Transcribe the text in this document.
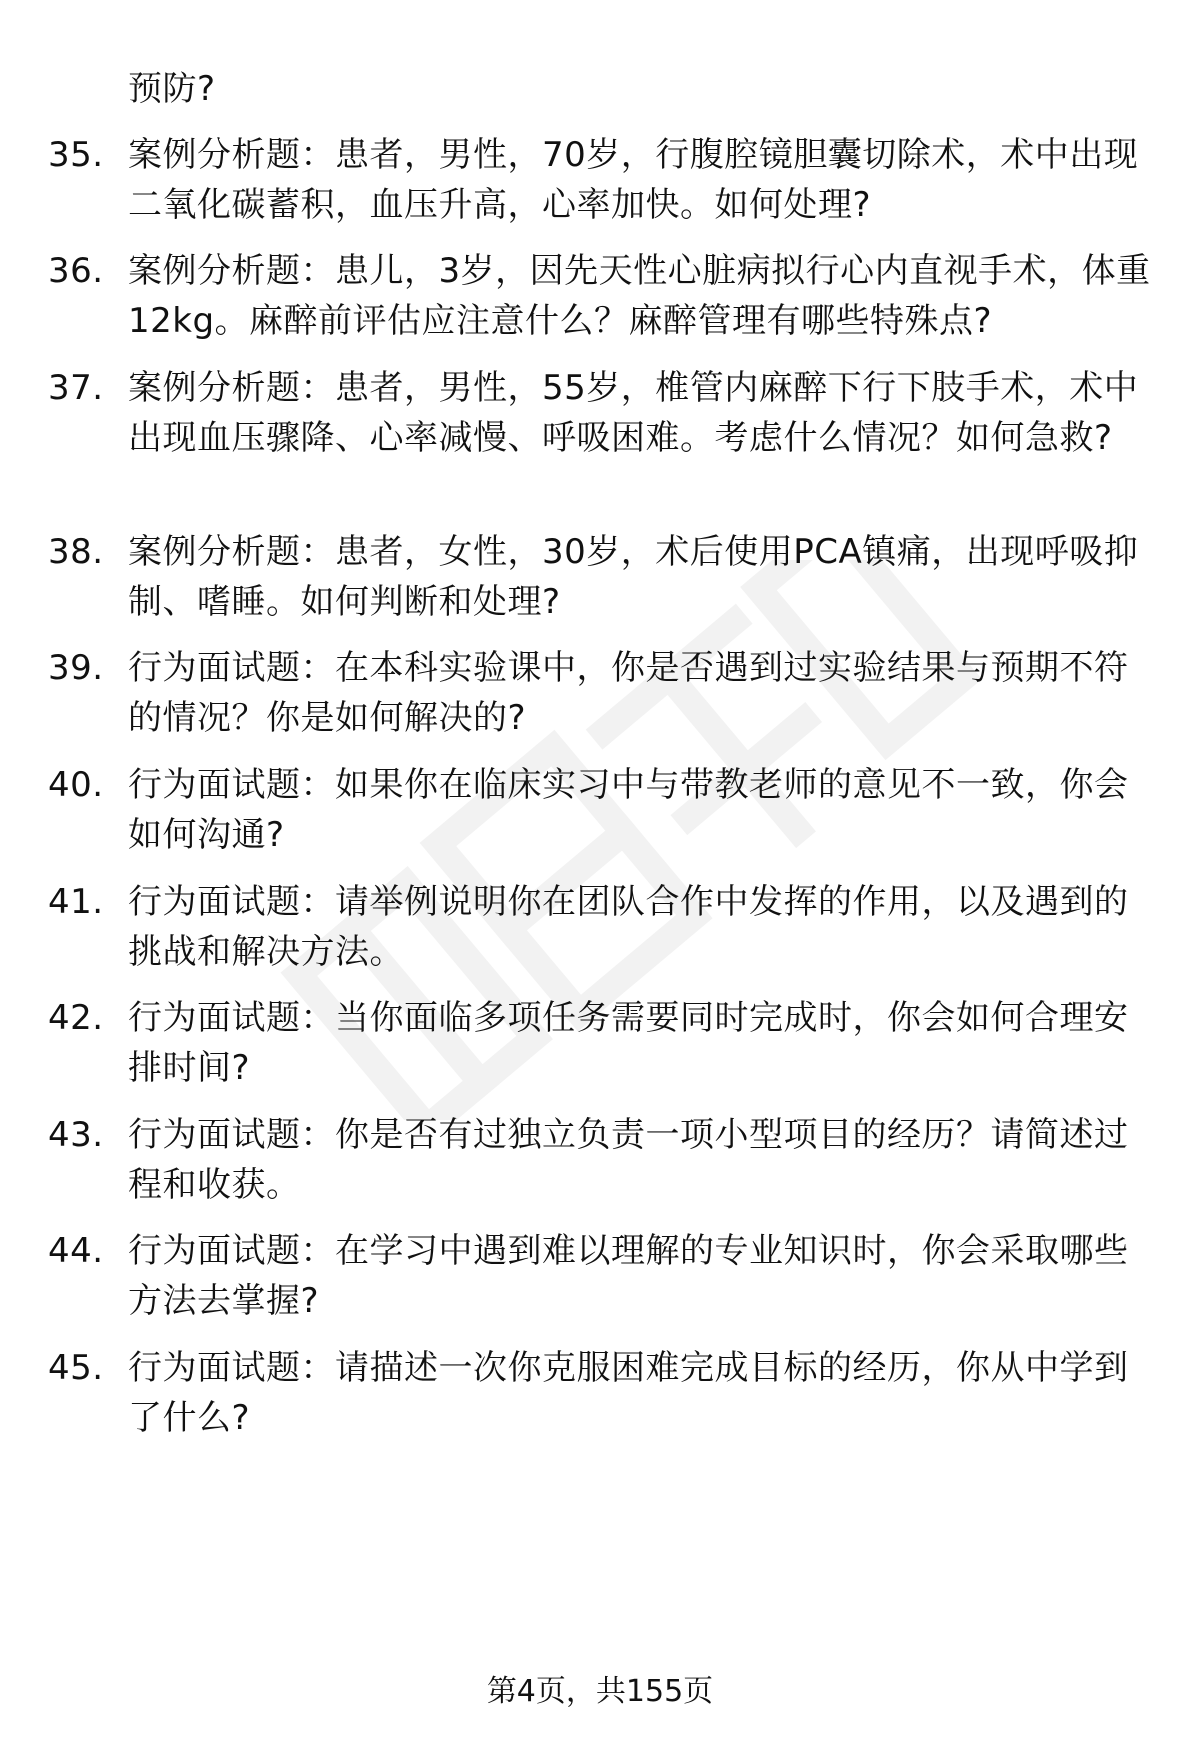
预防?
35. 案例分析题：患者，男性，70岁，行腹腔镜胆囊切除术，术中出现二氧化碳蓄积，血压升高，心率加快。如何处理?
36. 案例分析题：患儿，3岁，因先天性心脏病拟行心内直视手术，体重12kg。麻醉前评估应注意什么？麻醉管理有哪些特殊点?
37. 案例分析题：患者，男性，55岁，椎管内麻醉下行下肢手术，术中出现血压骤降、心率减慢、呼吸困难。考虑什么情况？如何急救?
38. 案例分析题：患者，女性，30岁，术后使用PCA镇痛，出现呼吸抑制、嗜睡。如何判断和处理?
39. 行为面试题：在本科实验课中，你是否遇到过实验结果与预期不符的情况？你是如何解决的?
40. 行为面试题：如果你在临床实习中与带教老师的意见不一致，你会如何沟通?
41. 行为面试题：请举例说明你在团队合作中发挥的作用，以及遇到的挑战和解决方法。
42. 行为面试题：当你面临多项任务需要同时完成时，你会如何合理安排时间?
43. 行为面试题：你是否有过独立负责一项小型项目的经历？请简述过程和收获。
44. 行为面试题：在学习中遇到难以理解的专业知识时，你会采取哪些方法去掌握?
45. 行为面试题：请描述一次你克服困难完成目标的经历，你从中学到了什么?
第4页，共155页
